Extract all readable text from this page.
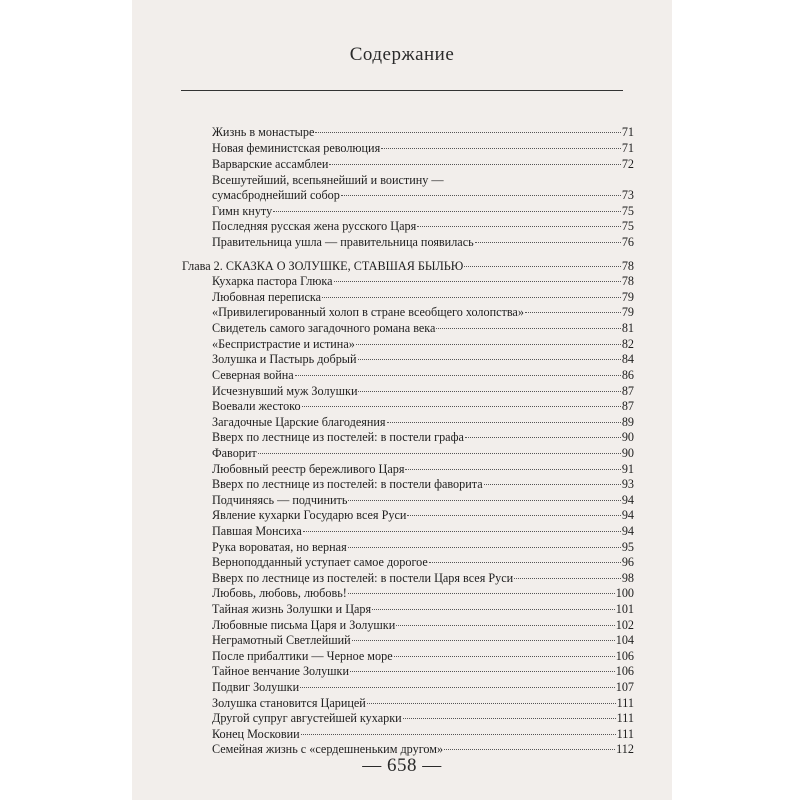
Содержание
Жизнь в монастыре	71
Новая феминистская революция	71
Варварские ассамблеи	72
Всешутейший, всепьянейший и воистину —
сумасброднейший собор	73
Гимн кнуту	75
Последняя русская жена русского Царя	75
Правительница ушла — правительница появилась	76
Глава 2. СКАЗКА О ЗОЛУШКЕ, СТАВШАЯ БЫЛЬЮ	78
Кухарка пастора Глюка	78
Любовная переписка	79
«Привилегированный холоп в стране всеобщего холопства»	79
Свидетель самого загадочного романа века	81
«Беспристрастие и истина»	82
Золушка и Пастырь добрый	84
Северная война	86
Исчезнувший муж Золушки	87
Воевали жестоко	87
Загадочные Царские благодеяния	89
Вверх по лестнице из постелей: в постели графа	90
Фаворит	90
Любовный реестр бережливого Царя	91
Вверх по лестнице из постелей: в постели фаворита	93
Подчиняясь — подчинить	94
Явление кухарки Государю всея Руси	94
Павшая Монсиха	94
Рука вороватая, но верная	95
Верноподданный уступает самое дорогое	96
Вверх по лестнице из постелей: в постели Царя всея Руси	98
Любовь, любовь, любовь!	100
Тайная жизнь Золушки и Царя	101
Любовные письма Царя и Золушки	102
Неграмотный Светлейший	104
После прибалтики — Черное море	106
Тайное венчание Золушки	106
Подвиг Золушки	107
Золушка становится Царицей	111
Другой супруг августейшей кухарки	111
Конец Московии	111
Семейная жизнь с «сердешненьким другом»	112
— 658 —
